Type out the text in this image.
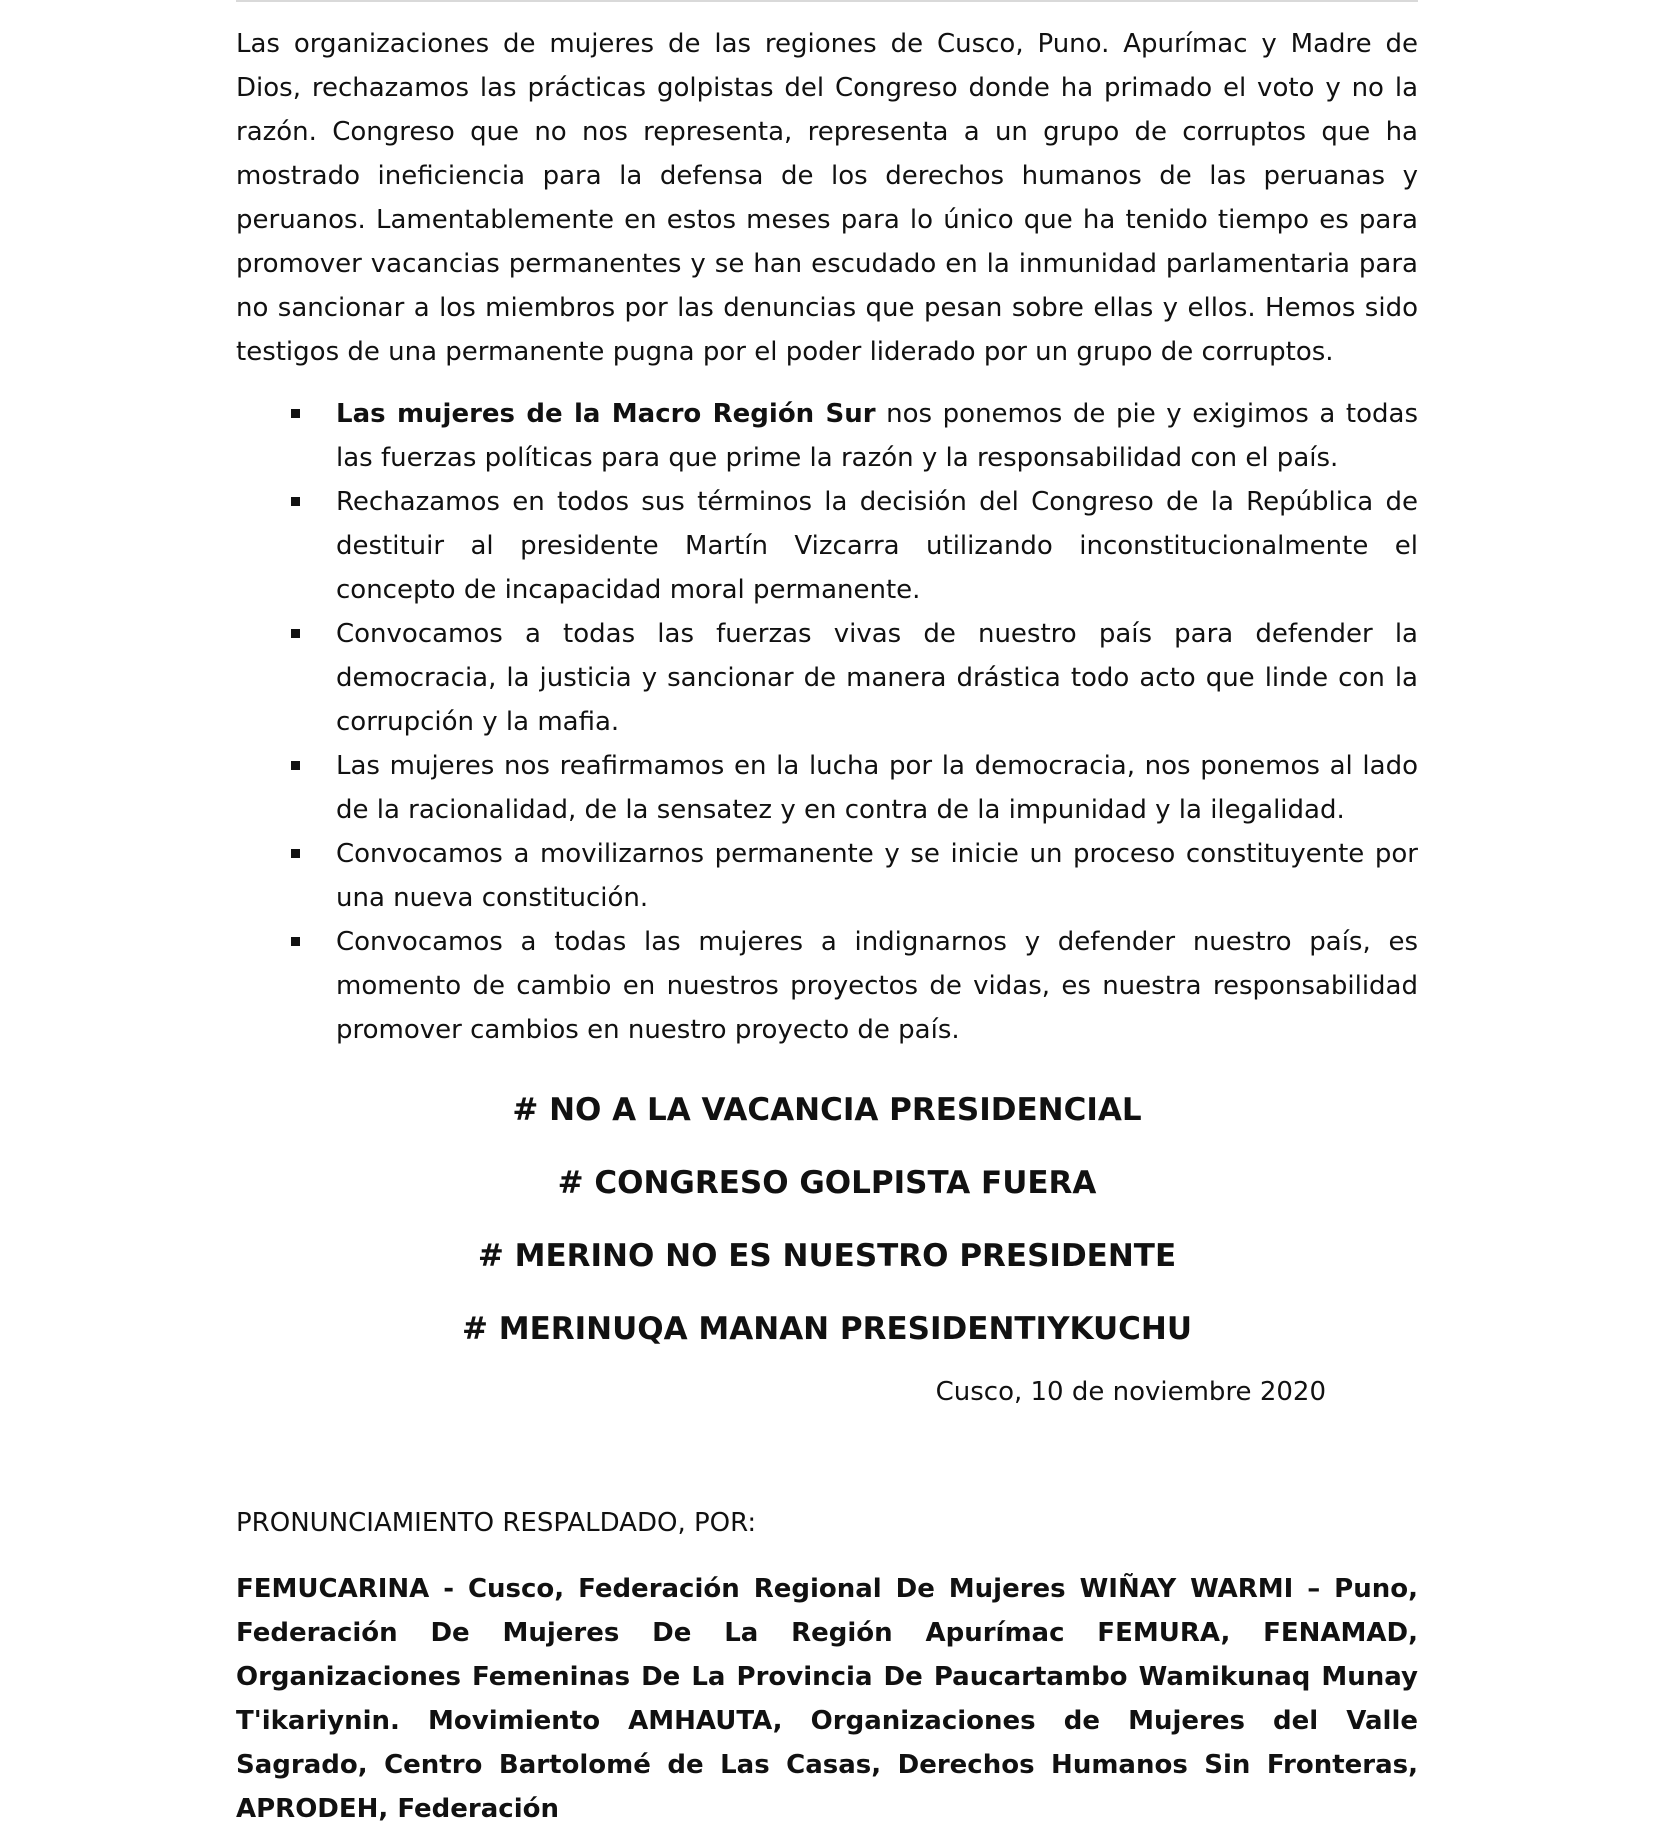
Las organizaciones de mujeres de las regiones de Cusco, Puno. Apurímac y Madre de Dios, rechazamos las prácticas golpistas del Congreso donde ha primado el voto y no la razón. Congreso que no nos representa, representa a un grupo de corruptos que ha mostrado ineficiencia para la defensa de los derechos humanos de las peruanas y peruanos. Lamentablemente en estos meses para lo único que ha tenido tiempo es para promover vacancias permanentes y se han escudado en la inmunidad parlamentaria para no sancionar a los miembros por las denuncias que pesan sobre ellas y ellos. Hemos sido testigos de una permanente pugna por el poder liderado por un grupo de corruptos.

Las mujeres de la Macro Región Sur nos ponemos de pie y exigimos a todas las fuerzas políticas para que prime la razón y la responsabilidad con el país.
Rechazamos en todos sus términos la decisión del Congreso de la República de destituir al presidente Martín Vizcarra utilizando inconstitucionalmente el concepto de incapacidad moral permanente.
Convocamos a todas las fuerzas vivas de nuestro país para defender la democracia, la justicia y sancionar de manera drástica todo acto que linde con la corrupción y la mafia.
Las mujeres nos reafirmamos en la lucha por la democracia, nos ponemos al lado de la racionalidad, de la sensatez y en contra de la impunidad y la ilegalidad.
Convocamos a movilizarnos permanente y se inicie un proceso constituyente por una nueva constitución.
Convocamos a todas las mujeres a indignarnos y defender nuestro país, es momento de cambio en nuestros proyectos de vidas, es nuestra responsabilidad promover cambios en nuestro proyecto de país.
# NO A LA VACANCIA PRESIDENCIAL
# CONGRESO GOLPISTA FUERA
# MERINO NO ES NUESTRO PRESIDENTE
# MERINUQA MANAN PRESIDENTIYKUCHU
Cusco, 10 de noviembre 2020
PRONUNCIAMIENTO RESPALDADO, POR:

FEMUCARINA - Cusco, Federación Regional De Mujeres WIÑAY WARMI – Puno, Federación De Mujeres De La Región Apurímac FEMURA, FENAMAD, Organizaciones Femeninas De La Provincia De Paucartambo Wamikunaq Munay T'ikariynin. Movimiento AMHAUTA, Organizaciones de Mujeres del Valle Sagrado, Centro Bartolomé de Las Casas, Derechos Humanos Sin Fronteras, APRODEH, Federación
